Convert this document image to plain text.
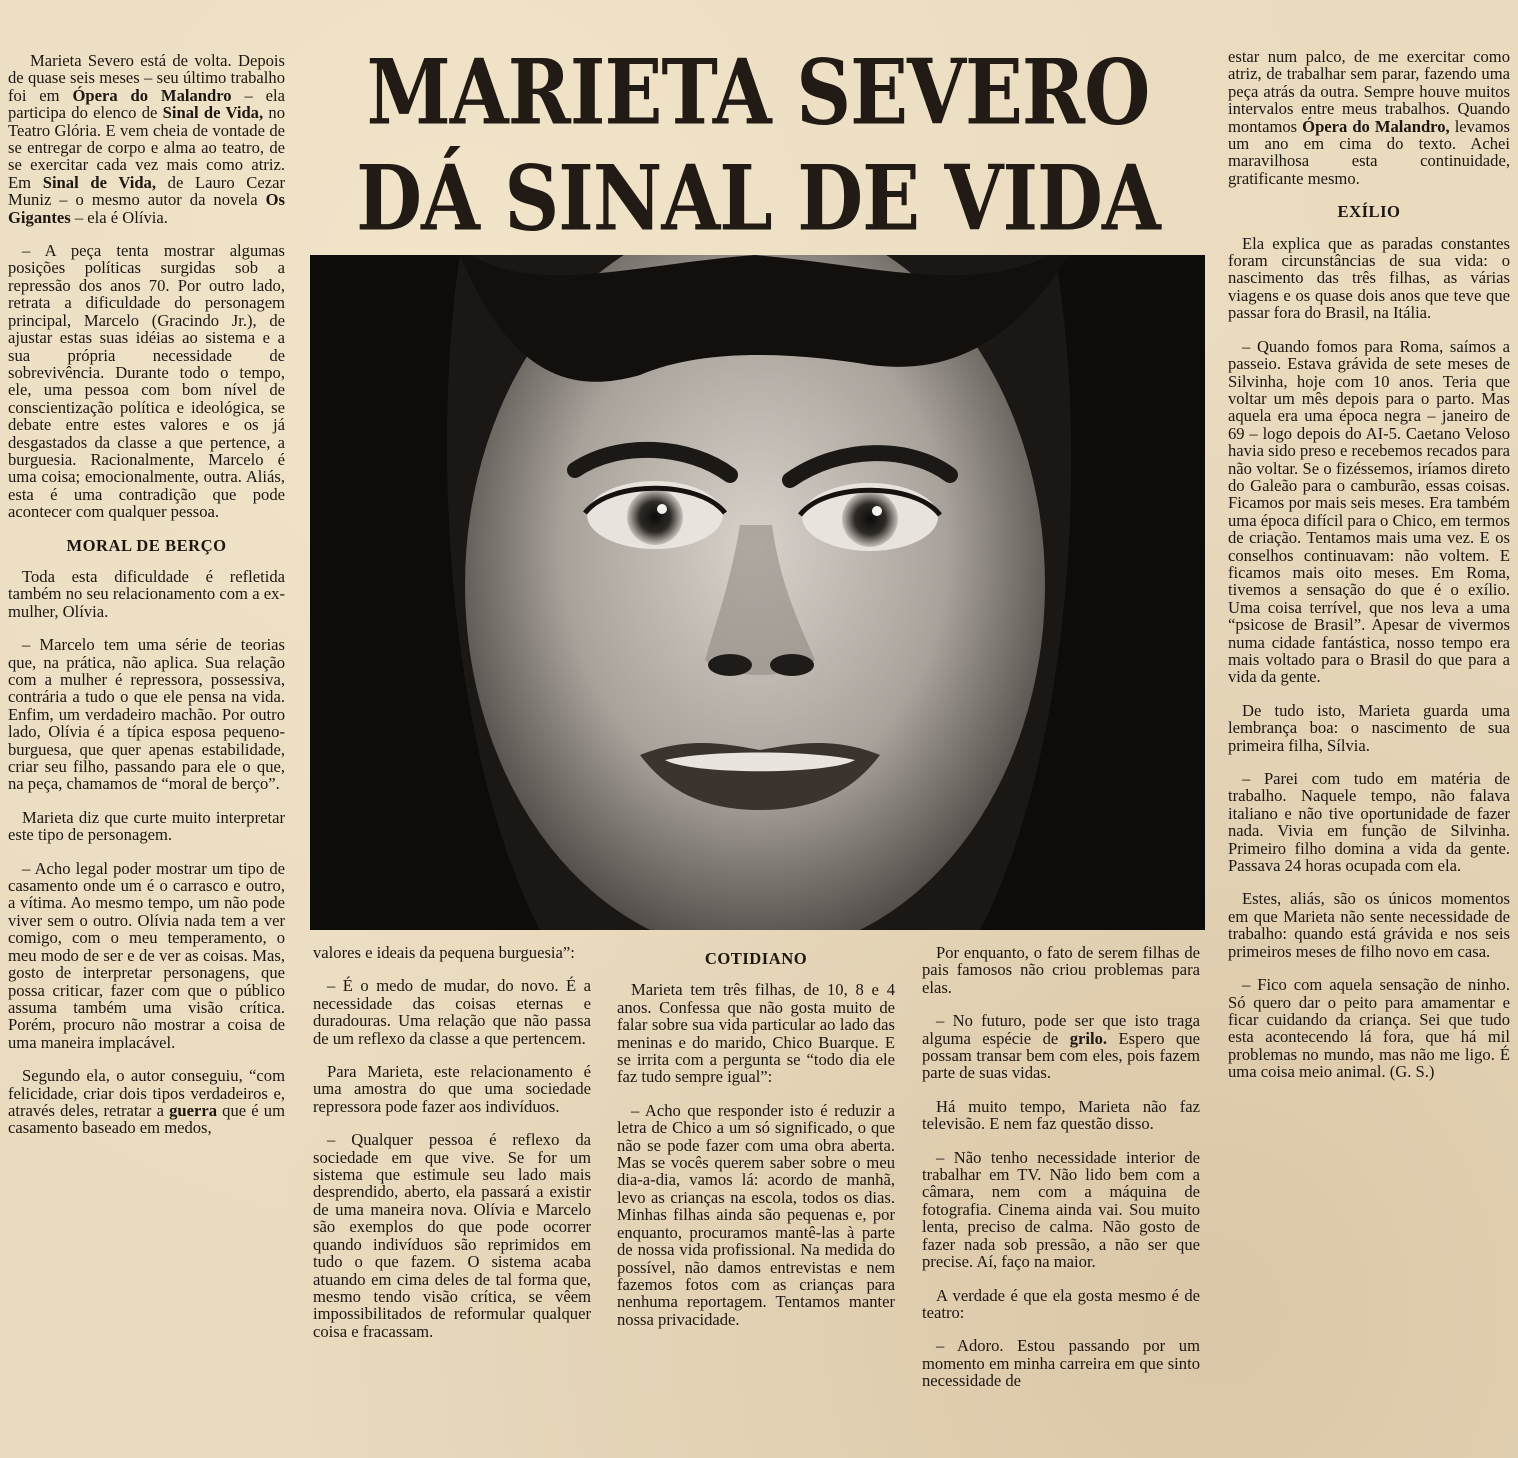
MARIETA SEVERO
DÁ SINAL DE VIDA

Marieta Severo está de volta. Depois de quase seis meses – seu último trabalho foi em Ópera do Malandro – ela participa do elenco de Sinal de Vida, no Teatro Glória. E vem cheia de vontade de se entregar de corpo e alma ao teatro, de se exercitar cada vez mais como atriz. Em Sinal de Vida, de Lauro Cezar Muniz – o mesmo autor da novela Os Gigantes – ela é Olívia.

– A peça tenta mostrar algumas posições políticas surgidas sob a repressão dos anos 70. Por outro lado, retrata a dificuldade do personagem principal, Marcelo (Gracindo Jr.), de ajustar estas suas idéias ao sistema e a sua própria necessidade de sobrevivência. Durante todo o tempo, ele, uma pessoa com bom nível de conscientização política e ideológica, se debate entre estes valores e os já desgastados da classe a que pertence, a burguesia. Racionalmente, Marcelo é uma coisa; emocionalmente, outra. Aliás, esta é uma contradição que pode acontecer com qualquer pessoa.

MORAL DE BERÇO

Toda esta dificuldade é refletida também no seu relacionamento com a ex-mulher, Olívia.

– Marcelo tem uma série de teorias que, na prática, não aplica. Sua relação com a mulher é repressora, possessiva, contrária a tudo o que ele pensa na vida. Enfim, um verdadeiro machão. Por outro lado, Olívia é a típica esposa pequeno-burguesa, que quer apenas estabilidade, criar seu filho, passando para ele o que, na peça, chamamos de “moral de berço”.

Marieta diz que curte muito interpretar este tipo de personagem.

– Acho legal poder mostrar um tipo de casamento onde um é o carrasco e outro, a vítima. Ao mesmo tempo, um não pode viver sem o outro. Olívia nada tem a ver comigo, com o meu temperamento, o meu modo de ser e de ver as coisas. Mas, gosto de interpretar personagens, que possa criticar, fazer com que o público assuma também uma visão crítica. Porém, procuro não mostrar a coisa de uma maneira implacável.

Segundo ela, o autor conseguiu, “com felicidade, criar dois tipos verdadeiros e, através deles, retratar a guerra que é um casamento baseado em medos,

valores e ideais da pequena burguesia”:

– É o medo de mudar, do novo. É a necessidade das coisas eternas e duradouras. Uma relação que não passa de um reflexo da classe a que pertencem.

Para Marieta, este relacionamento é uma amostra do que uma sociedade repressora pode fazer aos indivíduos.

– Qualquer pessoa é reflexo da sociedade em que vive. Se for um sistema que estimule seu lado mais desprendido, aberto, ela passará a existir de uma maneira nova. Olívia e Marcelo são exemplos do que pode ocorrer quando indivíduos são reprimidos em tudo o que fazem. O sistema acaba atuando em cima deles de tal forma que, mesmo tendo visão crítica, se vêem impossibilitados de reformular qualquer coisa e fracassam.

COTIDIANO

Marieta tem três filhas, de 10, 8 e 4 anos. Confessa que não gosta muito de falar sobre sua vida particular ao lado das meninas e do marido, Chico Buarque. E se irrita com a pergunta se “todo dia ele faz tudo sempre igual”:

– Acho que responder isto é reduzir a letra de Chico a um só significado, o que não se pode fazer com uma obra aberta. Mas se vocês querem saber sobre o meu dia-a-dia, vamos lá: acordo de manhã, levo as crianças na escola, todos os dias. Minhas filhas ainda são pequenas e, por enquanto, procuramos mantê-las à parte de nossa vida profissional. Na medida do possível, não damos entrevistas e nem fazemos fotos com as crianças para nenhuma reportagem. Tentamos manter nossa privacidade.

Por enquanto, o fato de serem filhas de pais famosos não criou problemas para elas.

– No futuro, pode ser que isto traga alguma espécie de grilo. Espero que possam transar bem com eles, pois fazem parte de suas vidas.

Há muito tempo, Marieta não faz televisão. E nem faz questão disso.

– Não tenho necessidade interior de trabalhar em TV. Não lido bem com a câmara, nem com a máquina de fotografia. Cinema ainda vai. Sou muito lenta, preciso de calma. Não gosto de fazer nada sob pressão, a não ser que precise. Aí, faço na maior.

A verdade é que ela gosta mesmo é de teatro:

– Adoro. Estou passando por um momento em minha carreira em que sinto necessidade de

estar num palco, de me exercitar como atriz, de trabalhar sem parar, fazendo uma peça atrás da outra. Sempre houve muitos intervalos entre meus trabalhos. Quando montamos Ópera do Malandro, levamos um ano em cima do texto. Achei maravilhosa esta continuidade, gratificante mesmo.

EXÍLIO

Ela explica que as paradas constantes foram circunstâncias de sua vida: o nascimento das três filhas, as várias viagens e os quase dois anos que teve que passar fora do Brasil, na Itália.

– Quando fomos para Roma, saímos a passeio. Estava grávida de sete meses de Silvinha, hoje com 10 anos. Teria que voltar um mês depois para o parto. Mas aquela era uma época negra – janeiro de 69 – logo depois do AI-5. Caetano Veloso havia sido preso e recebemos recados para não voltar. Se o fizéssemos, iríamos direto do Galeão para o camburão, essas coisas. Ficamos por mais seis meses. Era também uma época difícil para o Chico, em termos de criação. Tentamos mais uma vez. E os conselhos continuavam: não voltem. E ficamos mais oito meses. Em Roma, tivemos a sensação do que é o exílio. Uma coisa terrível, que nos leva a uma “psicose de Brasil”. Apesar de vivermos numa cidade fantástica, nosso tempo era mais voltado para o Brasil do que para a vida da gente.

De tudo isto, Marieta guarda uma lembrança boa: o nascimento de sua primeira filha, Sílvia.

– Parei com tudo em matéria de trabalho. Naquele tempo, não falava italiano e não tive oportunidade de fazer nada. Vivia em função de Silvinha. Primeiro filho domina a vida da gente. Passava 24 horas ocupada com ela.

Estes, aliás, são os únicos momentos em que Marieta não sente necessidade de trabalho: quando está grávida e nos seis primeiros meses de filho novo em casa.

– Fico com aquela sensação de ninho. Só quero dar o peito para amamentar e ficar cuidando da criança. Sei que tudo esta acontecendo lá fora, que há mil problemas no mundo, mas não me ligo. É uma coisa meio animal. (G. S.)
